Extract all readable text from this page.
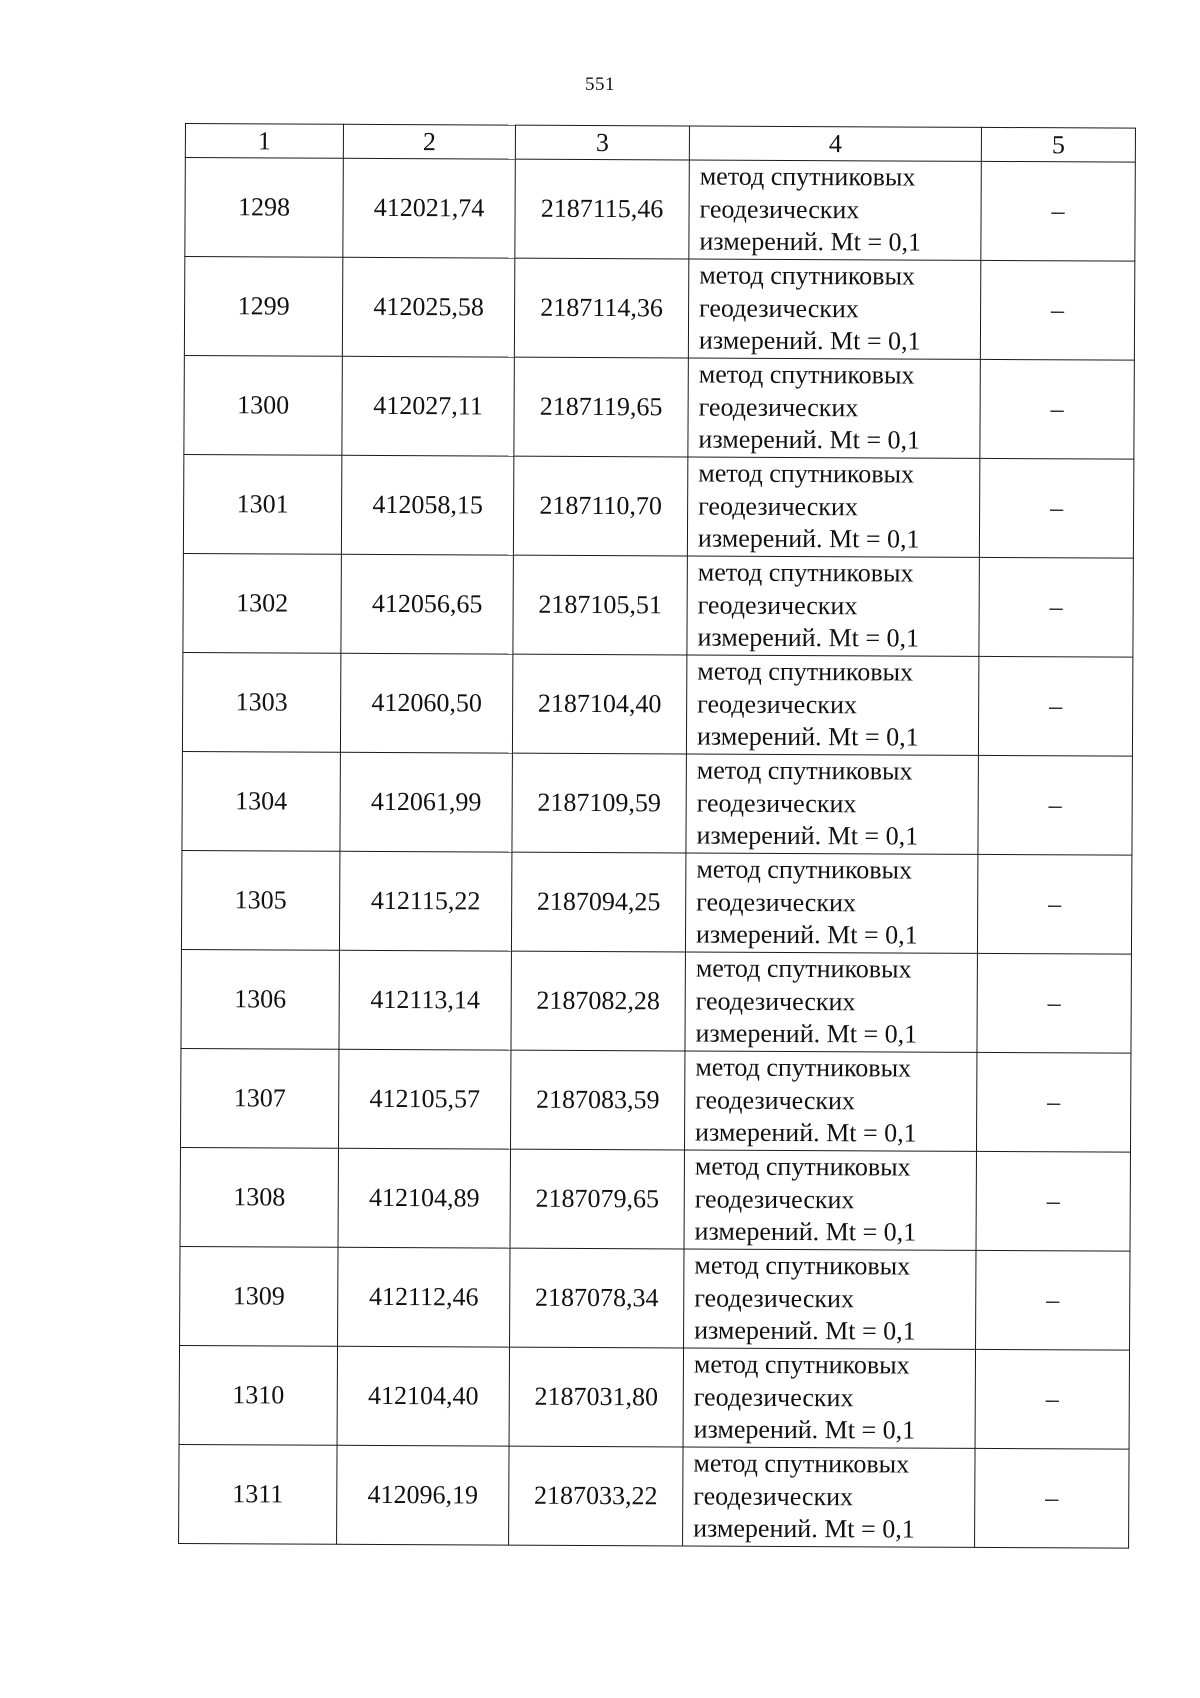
551
1	2	3	4	5
1298	412021,74	2187115,46	метод спутниковых
геодезических
измерений. Mt = 0,1	–
1299	412025,58	2187114,36	метод спутниковых
геодезических
измерений. Mt = 0,1	–
1300	412027,11	2187119,65	метод спутниковых
геодезических
измерений. Mt = 0,1	–
1301	412058,15	2187110,70	метод спутниковых
геодезических
измерений. Mt = 0,1	–
1302	412056,65	2187105,51	метод спутниковых
геодезических
измерений. Mt = 0,1	–
1303	412060,50	2187104,40	метод спутниковых
геодезических
измерений. Mt = 0,1	–
1304	412061,99	2187109,59	метод спутниковых
геодезических
измерений. Mt = 0,1	–
1305	412115,22	2187094,25	метод спутниковых
геодезических
измерений. Mt = 0,1	–
1306	412113,14	2187082,28	метод спутниковых
геодезических
измерений. Mt = 0,1	–
1307	412105,57	2187083,59	метод спутниковых
геодезических
измерений. Mt = 0,1	–
1308	412104,89	2187079,65	метод спутниковых
геодезических
измерений. Mt = 0,1	–
1309	412112,46	2187078,34	метод спутниковых
геодезических
измерений. Mt = 0,1	–
1310	412104,40	2187031,80	метод спутниковых
геодезических
измерений. Mt = 0,1	–
1311	412096,19	2187033,22	метод спутниковых
геодезических
измерений. Mt = 0,1	–
